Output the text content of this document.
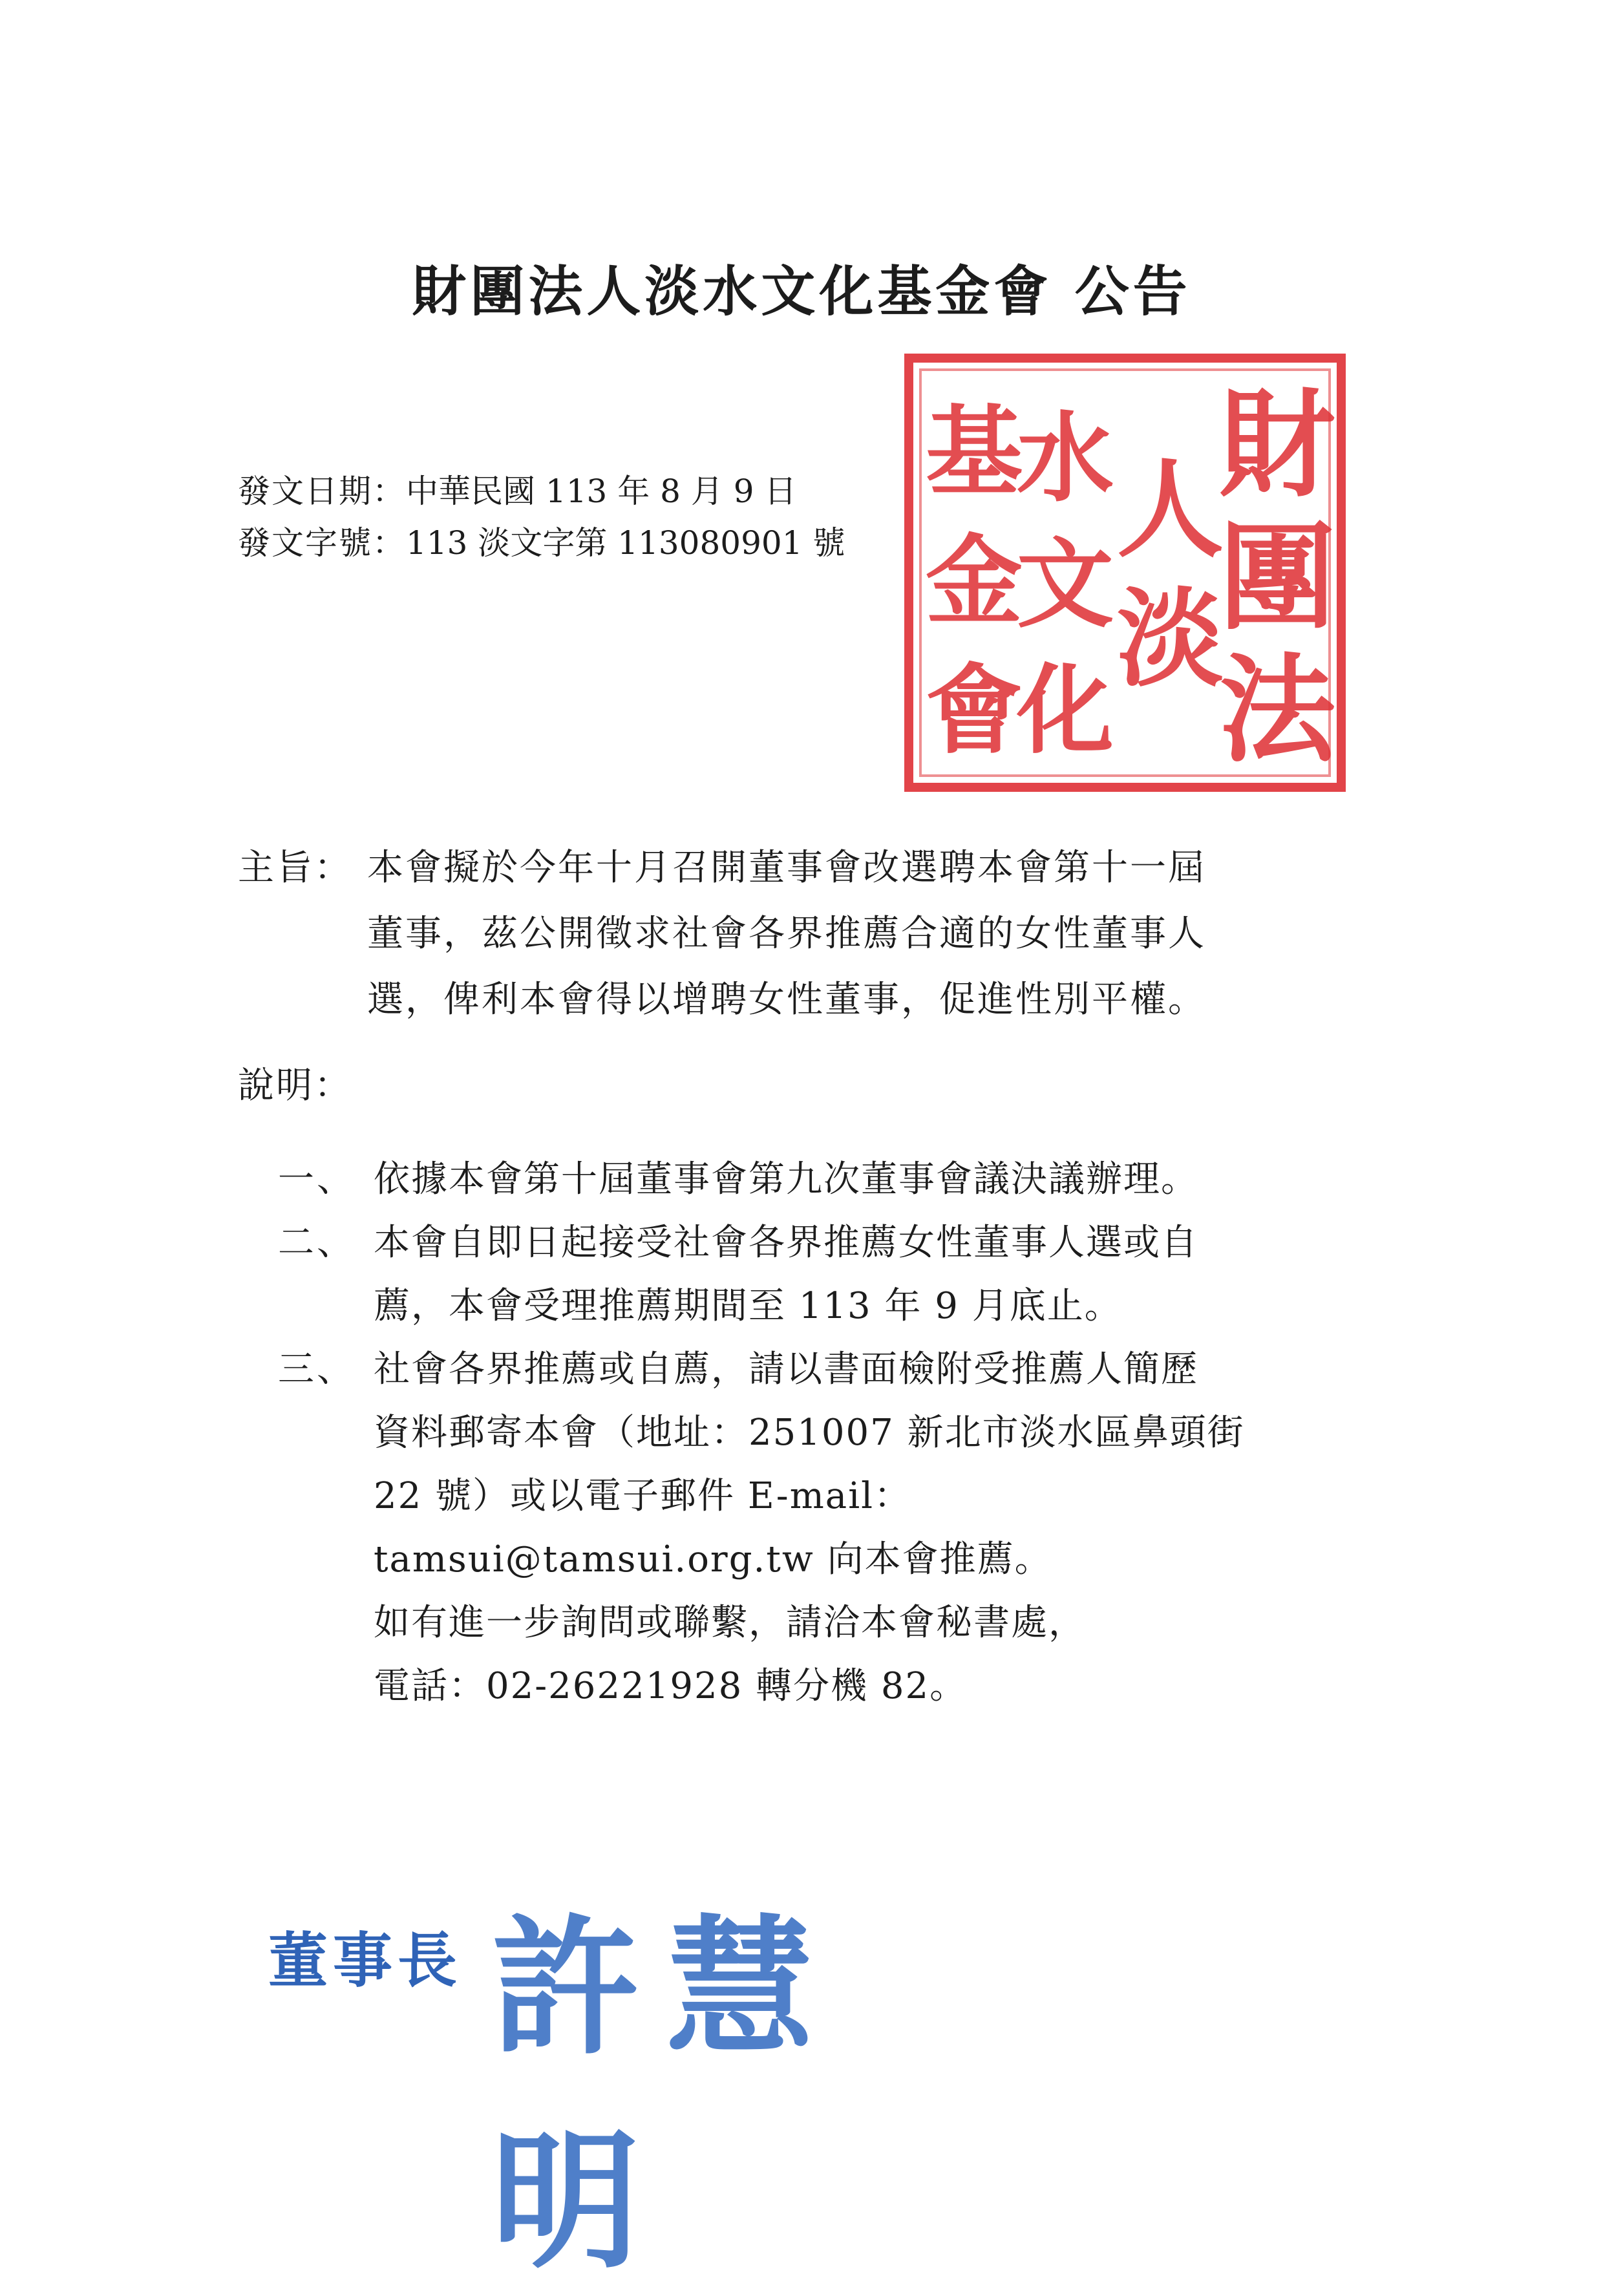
財團法人淡水文化基金會 公告
發文日期：中華民國 113 年 8 月 9 日
發文字號：113 淡文字第 113080901 號
財
團
法
人
淡
水
文
化
基
金
會
主旨： 本會擬於今年十月召開董事會改選聘本會第十一屆
董事，茲公開徵求社會各界推薦合適的女性董事人
選，俾利本會得以增聘女性董事，促進性別平權。
說明：
一、 依據本會第十屆董事會第九次董事會議決議辦理。
二、 本會自即日起接受社會各界推薦女性董事人選或自
薦，本會受理推薦期間至 113 年 9 月底止。
三、 社會各界推薦或自薦，請以書面檢附受推薦人簡歷
資料郵寄本會（地址：251007 新北市淡水區鼻頭街
22 號）或以電子郵件 E-mail：
tamsui@tamsui.org.tw 向本會推薦。
如有進一步詢問或聯繫，請洽本會秘書處，
電話：02-26221928 轉分機 82。
董事長 許慧明
